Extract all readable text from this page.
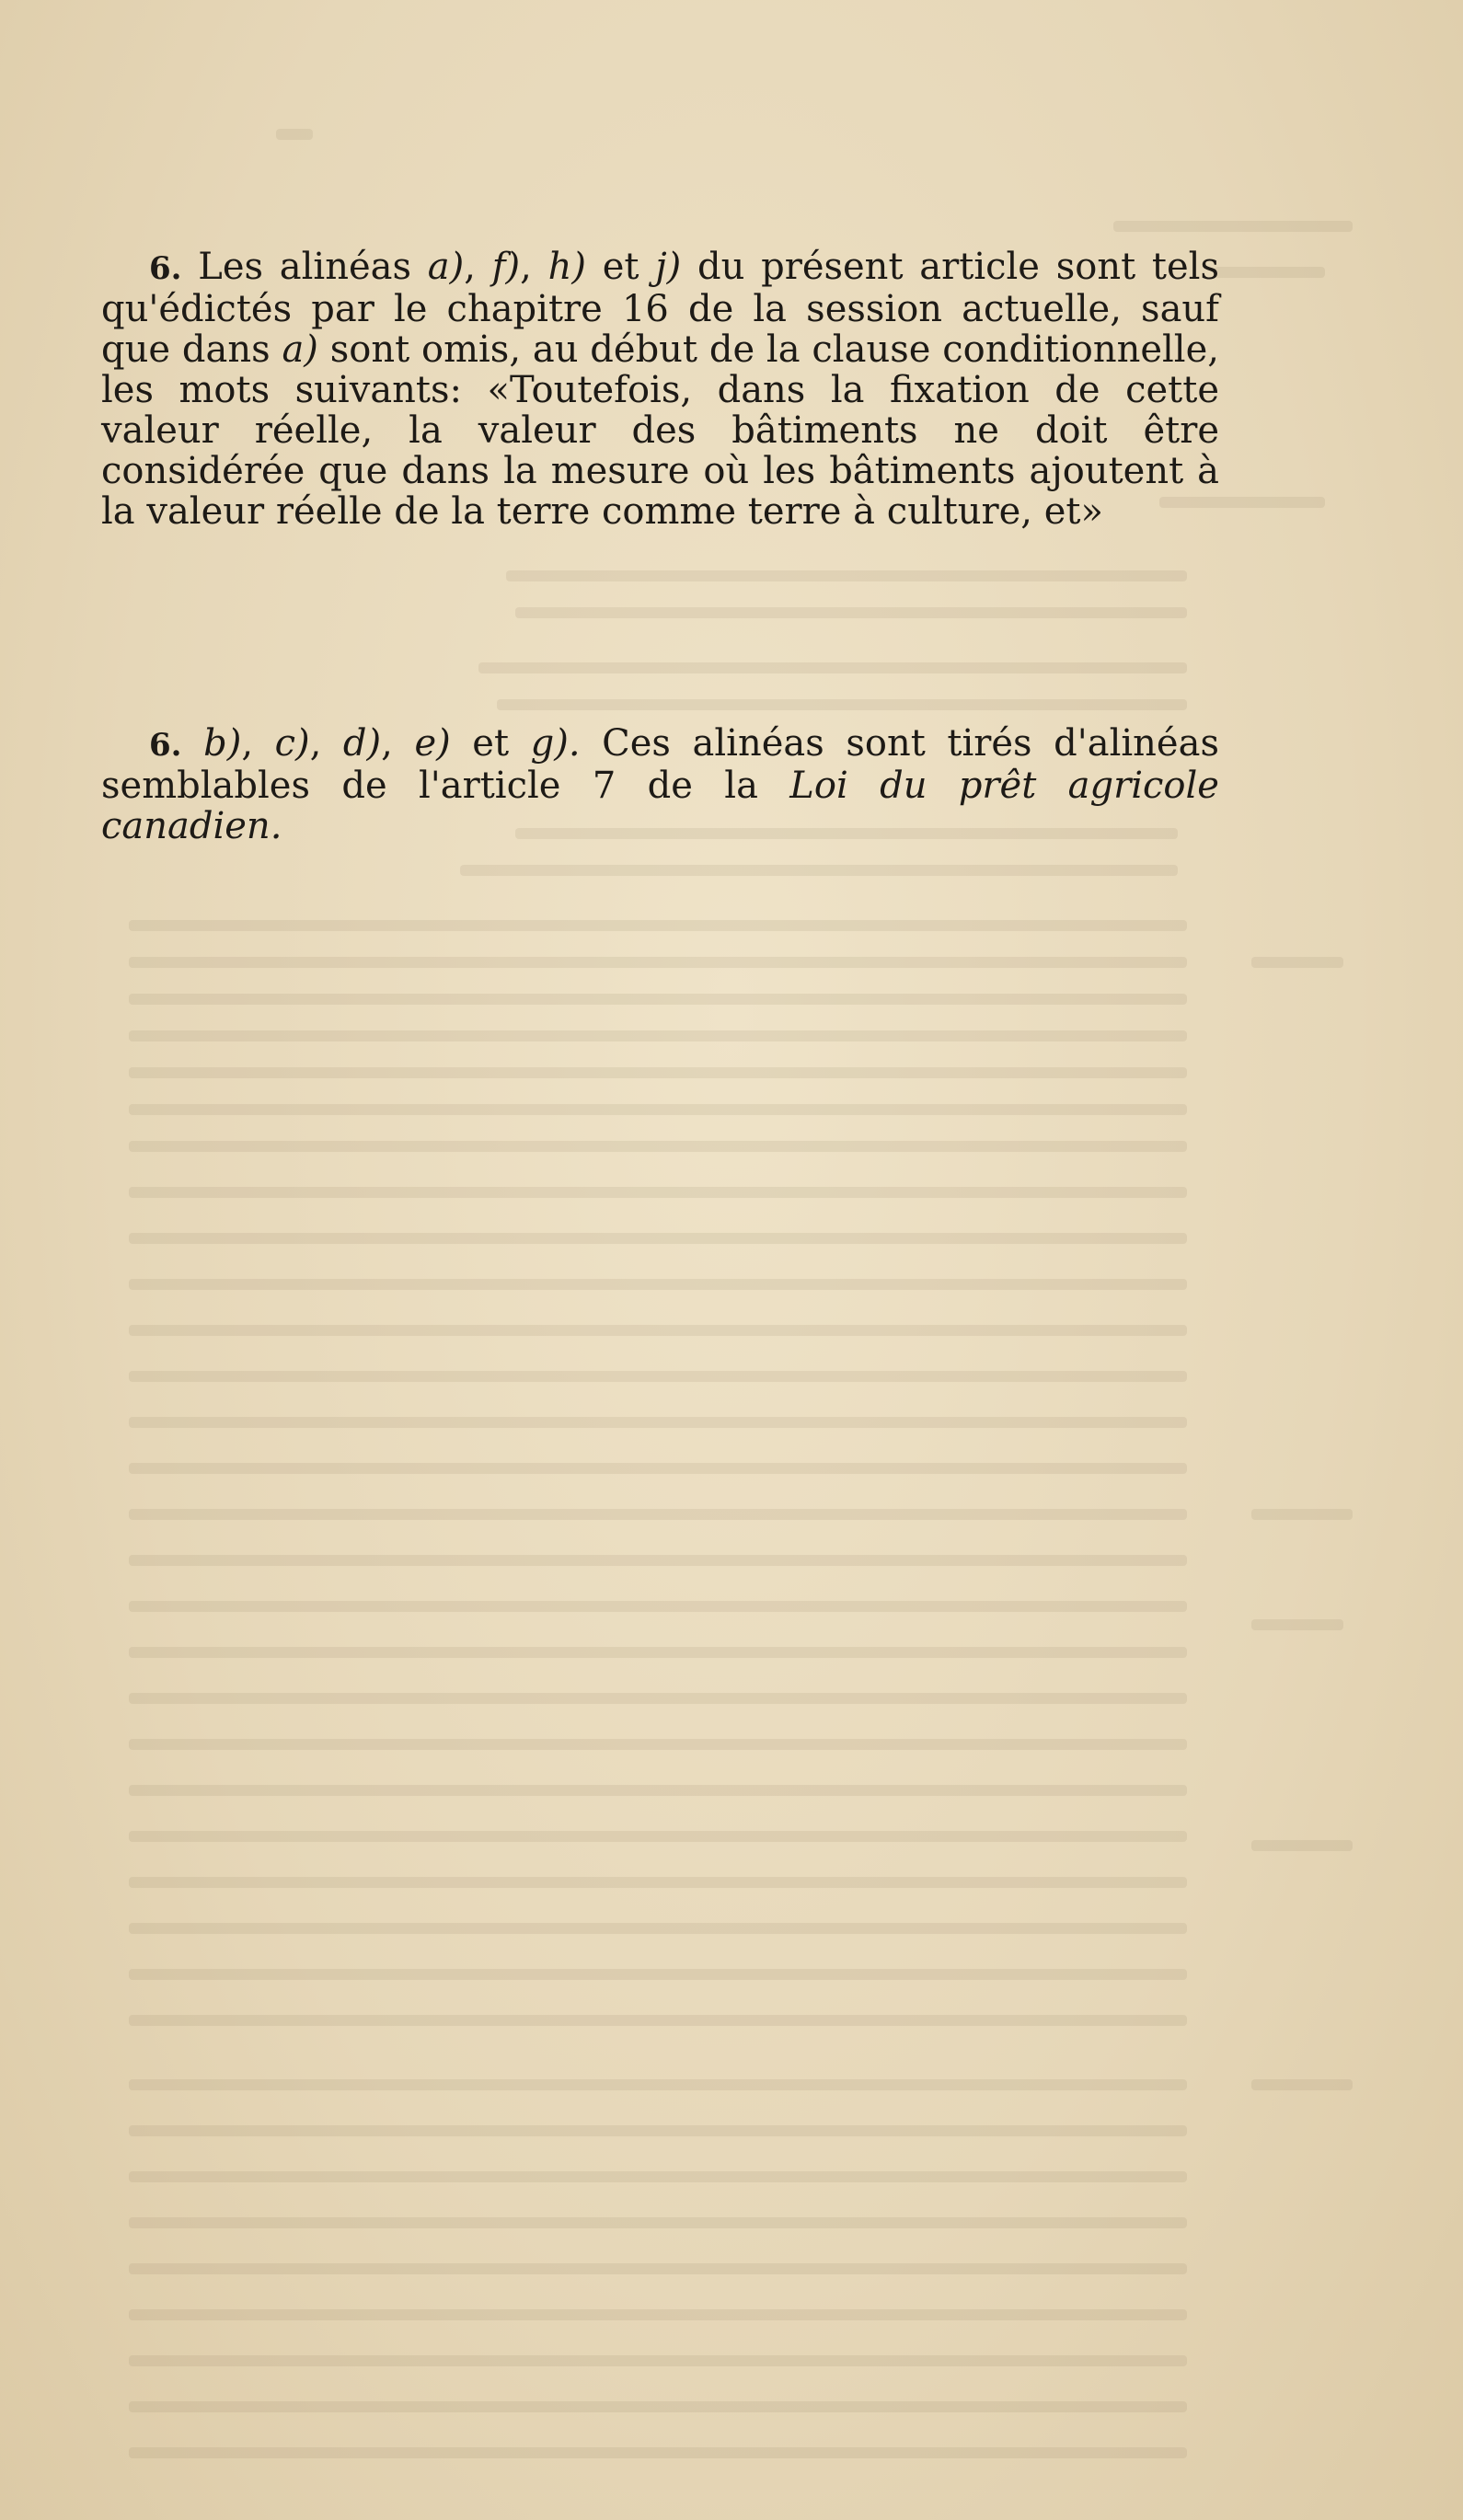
6. Les alinéas a), f), h) et j) du présent article sont tels qu'édictés par le chapitre 16 de la session actuelle, sauf que dans a) sont omis, au début de la clause conditionnelle, les mots suivants: «Toutefois, dans la fixation de cette valeur réelle, la valeur des bâtiments ne doit être considérée que dans la mesure où les bâtiments ajoutent à la valeur réelle de la terre comme terre à culture, et»

6. b), c), d), e) et g). Ces alinéas sont tirés d'alinéas semblables de l'article 7 de la Loi du prêt agricole canadien.
